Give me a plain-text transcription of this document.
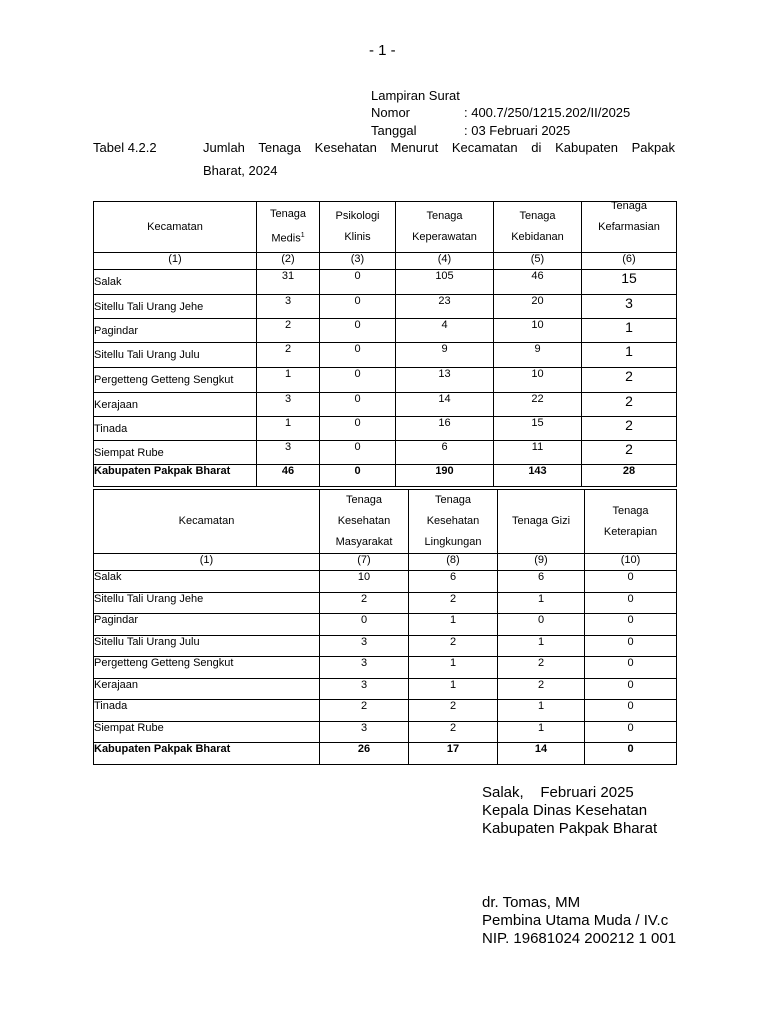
- 1 -
Lampiran Surat
Nomor	: 400.7/250/1215.202/II/2025
Tanggal	: 03 Februari 2025
Tabel 4.2.2	Jumlah Tenaga Kesehatan Menurut Kecamatan di Kabupaten Pakpak
Bharat, 2024
Kecamatan	Tenaga Medis$^1$	Psikologi Klinis	Tenaga Keperawatan	Tenaga Kebidanan	Tenaga Kefarmasian

(1)	(2)	(3)	(4)	(5)	(6)
Salak	31	0	105	46	15
Sitellu Tali Urang Jehe	3	0	23	20	3
Pagindar	2	0	4	10	1
Sitellu Tali Urang Julu	2	0	9	9	1
Pergetteng Getteng Sengkut	1	0	13	10	2
Kerajaan	3	0	14	22	2
Tinada	1	0	16	15	2
Siempat Rube	3	0	6	11	2
Kabupaten Pakpak Bharat	46	0	190	143	28
Kecamatan	Tenaga Kesehatan Masyarakat	Tenaga Kesehatan Lingkungan	Tenaga Gizi	Tenaga Keterapian

(1)	(7)	(8)	(9)	(10)
Salak	10	6	6	0
Sitellu Tali Urang Jehe	2	2	1	0
Pagindar	0	1	0	0
Sitellu Tali Urang Julu	3	2	1	0
Pergetteng Getteng Sengkut	3	1	2	0
Kerajaan	3	1	2	0
Tinada	2	2	1	0
Siempat Rube	3	2	1	0
Kabupaten Pakpak Bharat	26	17	14	0
Salak,    Februari 2025
Kepala Dinas Kesehatan
Kabupaten Pakpak Bharat
dr. Tomas, MM
Pembina Utama Muda / IV.c
NIP. 19681024 200212 1 001
